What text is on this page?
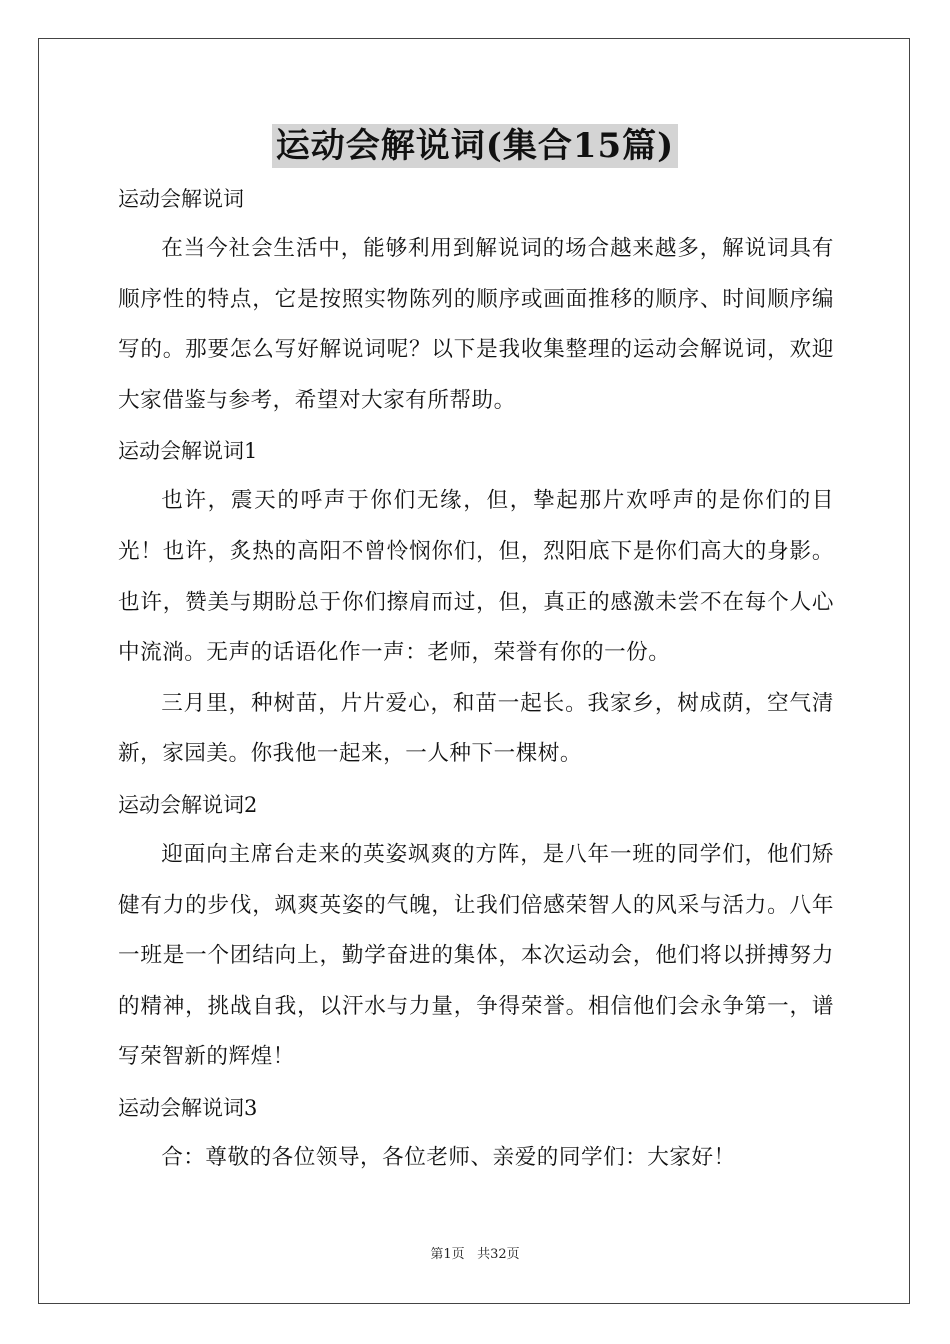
运动会解说词(集合15篇)

运动会解说词

在当今社会生活中，能够利用到解说词的场合越来越多，解说词具有顺序性的特点，它是按照实物陈列的顺序或画面推移的顺序、时间顺序编写的。那要怎么写好解说词呢？以下是我收集整理的运动会解说词，欢迎大家借鉴与参考，希望对大家有所帮助。

运动会解说词1

也许，震天的呼声于你们无缘，但，挚起那片欢呼声的是你们的目光！也许，炙热的高阳不曾怜悯你们，但，烈阳底下是你们高大的身影。也许，赞美与期盼总于你们擦肩而过，但，真正的感激未尝不在每个人心中流淌。无声的话语化作一声：老师，荣誉有你的一份。

三月里，种树苗，片片爱心，和苗一起长。我家乡，树成荫，空气清新，家园美。你我他一起来，一人种下一棵树。

运动会解说词2

迎面向主席台走来的英姿飒爽的方阵，是八年一班的同学们，他们矫健有力的步伐，飒爽英姿的气魄，让我们倍感荣智人的风采与活力。八年一班是一个团结向上，勤学奋进的集体，本次运动会，他们将以拼搏努力的精神，挑战自我，以汗水与力量，争得荣誉。相信他们会永争第一，谱写荣智新的辉煌！

运动会解说词3

合：尊敬的各位领导，各位老师、亲爱的同学们：大家好！

第1页 共32页
